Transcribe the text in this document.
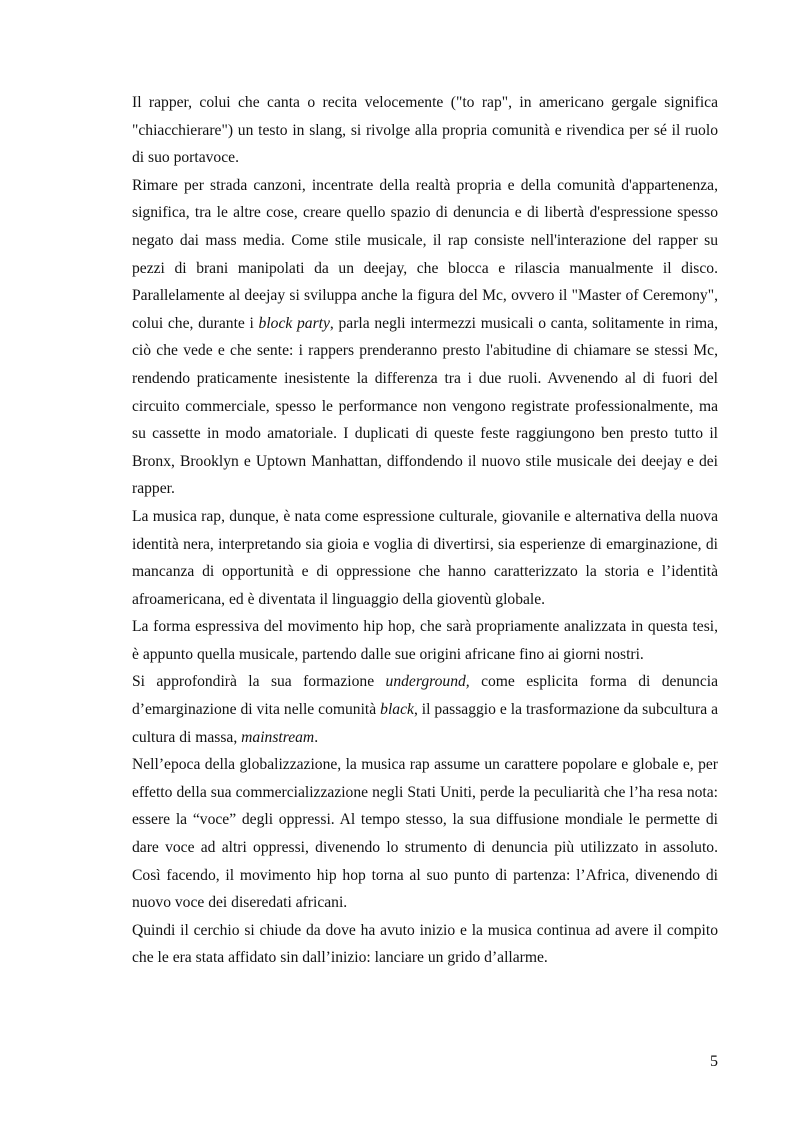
Il rapper, colui che canta o recita velocemente ("to rap", in americano gergale significa "chiacchierare") un testo in slang, si rivolge alla propria comunità e rivendica per sé il ruolo di suo portavoce.

Rimare per strada canzoni, incentrate della realtà propria e della comunità d'appartenenza, significa, tra le altre cose, creare quello spazio di denuncia e di libertà d'espressione spesso negato dai mass media. Come stile musicale, il rap consiste nell'interazione del rapper su pezzi di brani manipolati da un deejay, che blocca e rilascia manualmente il disco. Parallelamente al deejay si sviluppa anche la figura del Mc, ovvero il "Master of Ceremony", colui che, durante i block party, parla negli intermezzi musicali o canta, solitamente in rima, ciò che vede e che sente: i rappers prenderanno presto l'abitudine di chiamare se stessi Mc, rendendo praticamente inesistente la differenza tra i due ruoli. Avvenendo al di fuori del circuito commerciale, spesso le performance non vengono registrate professionalmente, ma su cassette in modo amatoriale. I duplicati di queste feste raggiungono ben presto tutto il Bronx, Brooklyn e Uptown Manhattan, diffondendo il nuovo stile musicale dei deejay e dei rapper.

La musica rap, dunque, è nata come espressione culturale, giovanile e alternativa della nuova identità nera, interpretando sia gioia e voglia di divertirsi, sia esperienze di emarginazione, di mancanza di opportunità e di oppressione che hanno caratterizzato la storia e l’identità afroamericana, ed è diventata il linguaggio della gioventù globale.

La forma espressiva del movimento hip hop, che sarà propriamente analizzata in questa tesi, è appunto quella musicale, partendo dalle sue origini africane fino ai giorni nostri.

Si approfondirà la sua formazione underground, come esplicita forma di denuncia d’emarginazione di vita nelle comunità black, il passaggio e la trasformazione da subcultura a cultura di massa, mainstream.

Nell’epoca della globalizzazione, la musica rap assume un carattere popolare e globale e, per effetto della sua commercializzazione negli Stati Uniti, perde la peculiarità che l’ha resa nota: essere la “voce” degli oppressi. Al tempo stesso, la sua diffusione mondiale le permette di dare voce ad altri oppressi, divenendo lo strumento di denuncia più utilizzato in assoluto. Così facendo, il movimento hip hop torna al suo punto di partenza: l’Africa, divenendo di nuovo voce dei diseredati africani.

Quindi il cerchio si chiude da dove ha avuto inizio e la musica continua ad avere il compito che le era stata affidato sin dall’inizio: lanciare un grido d’allarme.

5
